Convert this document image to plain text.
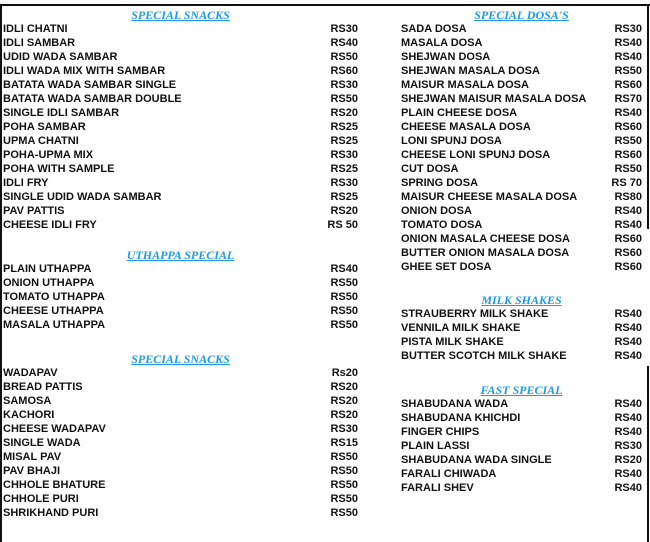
SPECIAL SNACKS
IDLI CHATNI	RS30
IDLI SAMBAR	RS40
UDID WADA SAMBAR	RS50
IDLI WADA MIX WITH SAMBAR	RS60
BATATA WADA SAMBAR SINGLE	RS30
BATATA WADA SAMBAR DOUBLE	RS50
SINGLE IDLI SAMBAR	RS20
POHA SAMBAR	RS25
UPMA CHATNI	RS25
POHA-UPMA MIX	RS30
POHA WITH SAMPLE	RS25
IDLI FRY	RS30
SINGLE UDID WADA SAMBAR	RS25
PAV PATTIS	RS20
CHEESE IDLI FRY	RS 50
UTHAPPA SPECIAL
PLAIN UTHAPPA	RS40
ONION UTHAPPA	RS50
TOMATO UTHAPPA	RS50
CHEESE UTHAPPA	RS50
MASALA UTHAPPA	RS50
SPECIAL SNACKS
WADAPAV	Rs20
BREAD PATTIS	RS20
SAMOSA	RS20
KACHORI	RS20
CHEESE WADAPAV	RS30
SINGLE WADA	RS15
MISAL PAV	RS50
PAV BHAJI	RS50
CHHOLE BHATURE	RS50
CHHOLE PURI	RS50
SHRIKHAND PURI	RS50
SPECIAL DOSA'S
SADA DOSA	RS30
MASALA DOSA	RS40
SHEJWAN DOSA	RS40
SHEJWAN MASALA DOSA	RS50
MAISUR MASALA DOSA	RS60
SHEJWAN MAISUR MASALA DOSA	RS70
PLAIN CHEESE DOSA	RS40
CHEESE MASALA DOSA	RS60
LONI SPUNJ DOSA	RS50
CHEESE LONI SPUNJ DOSA	RS60
CUT DOSA	RS50
SPRING DOSA	RS 70
MAISUR CHEESE MASALA DOSA	RS80
ONION DOSA	RS40
TOMATO DOSA	RS40
ONION MASALA CHEESE DOSA	RS60
BUTTER ONION MASALA DOSA	RS60
GHEE SET DOSA	RS60
MILK SHAKES
STRAUBERRY MILK SHAKE	RS40
VENNILA MILK SHAKE	RS40
PISTA MILK SHAKE	RS40
BUTTER SCOTCH MILK SHAKE	RS40
FAST SPECIAL
SHABUDANA WADA	RS40
SHABUDANA KHICHDI	RS40
FINGER CHIPS	RS40
PLAIN LASSI	RS30
SHABUDANA WADA SINGLE	RS20
FARALI CHIWADA	RS40
FARALI SHEV	RS40
